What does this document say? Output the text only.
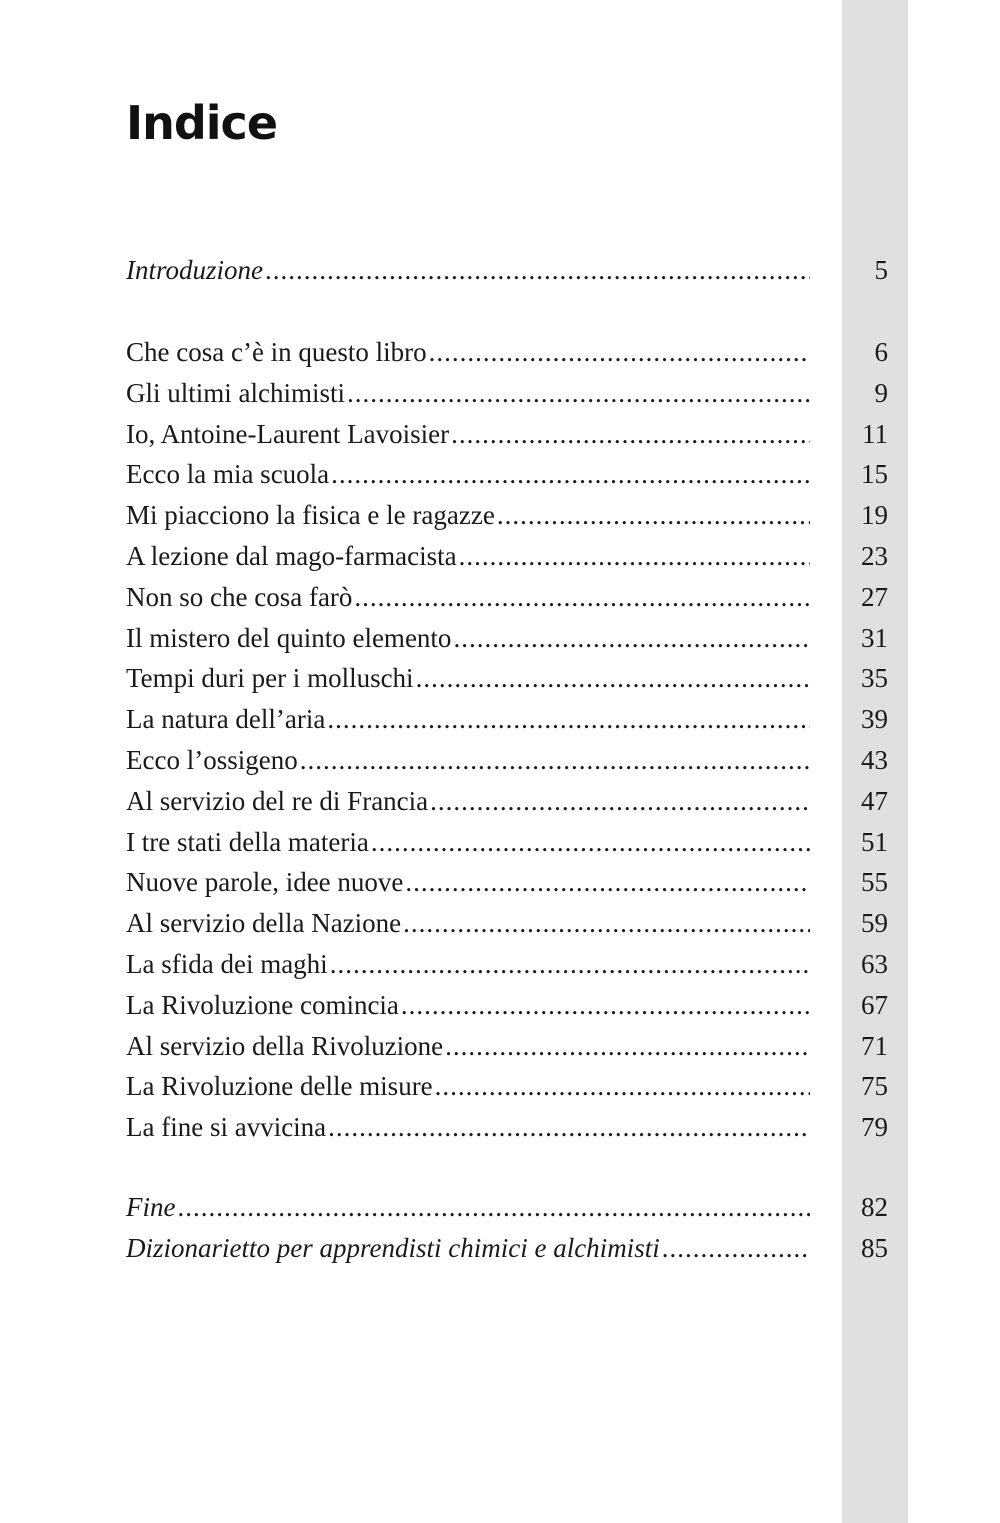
Indice
Introduzione .....	5
Che cosa c’è in questo libro .....	6
Gli ultimi alchimisti .....	9
Io, Antoine-Laurent Lavoisier .....	11
Ecco la mia scuola .....	15
Mi piacciono la fisica e le ragazze .....	19
A lezione dal mago-farmacista .....	23
Non so che cosa farò .....	27
Il mistero del quinto elemento .....	31
Tempi duri per i molluschi .....	35
La natura dell’aria .....	39
Ecco l’ossigeno .....	43
Al servizio del re di Francia .....	47
I tre stati della materia .....	51
Nuove parole, idee nuove .....	55
Al servizio della Nazione .....	59
La sfida dei maghi .....	63
La Rivoluzione comincia .....	67
Al servizio della Rivoluzione .....	71
La Rivoluzione delle misure .....	75
La fine si avvicina .....	79
Fine .....	82
Dizionarietto per apprendisti chimici e alchimisti .....	85
